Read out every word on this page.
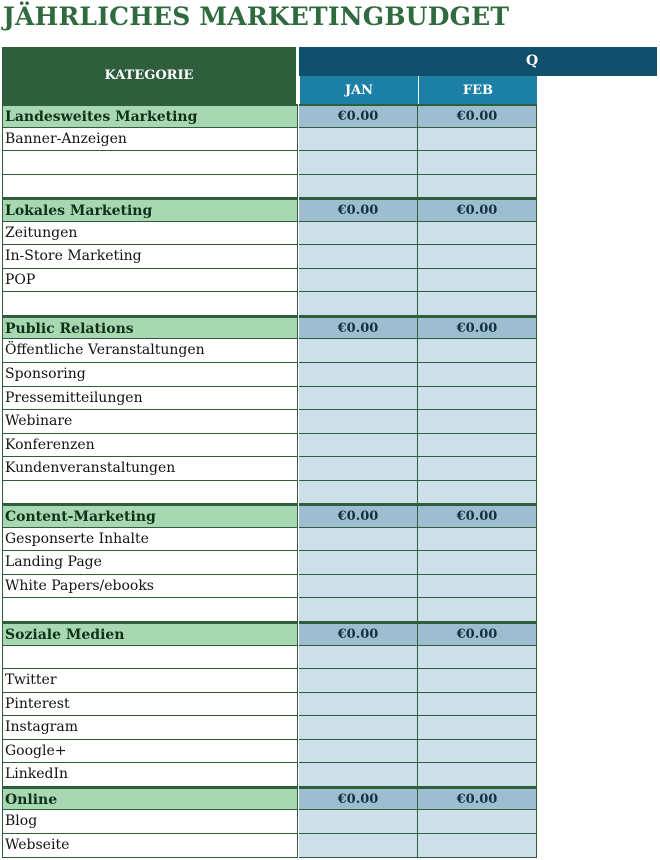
JÄHRLICHES MARKETINGBUDGET
KATEGORIE
Q
JAN	FEB
Landesweites Marketing	€0.00	€0.00
Banner-Anzeigen
Lokales Marketing	€0.00	€0.00
Zeitungen
In-Store Marketing
POP
Public Relations	€0.00	€0.00
Öffentliche Veranstaltungen
Sponsoring
Pressemitteilungen
Webinare
Konferenzen
Kundenveranstaltungen
Content-Marketing	€0.00	€0.00
Gesponserte Inhalte
Landing Page
White Papers/ebooks
Soziale Medien	€0.00	€0.00
Twitter
Pinterest
Instagram
Google+
LinkedIn
Online	€0.00	€0.00
Blog
Webseite
